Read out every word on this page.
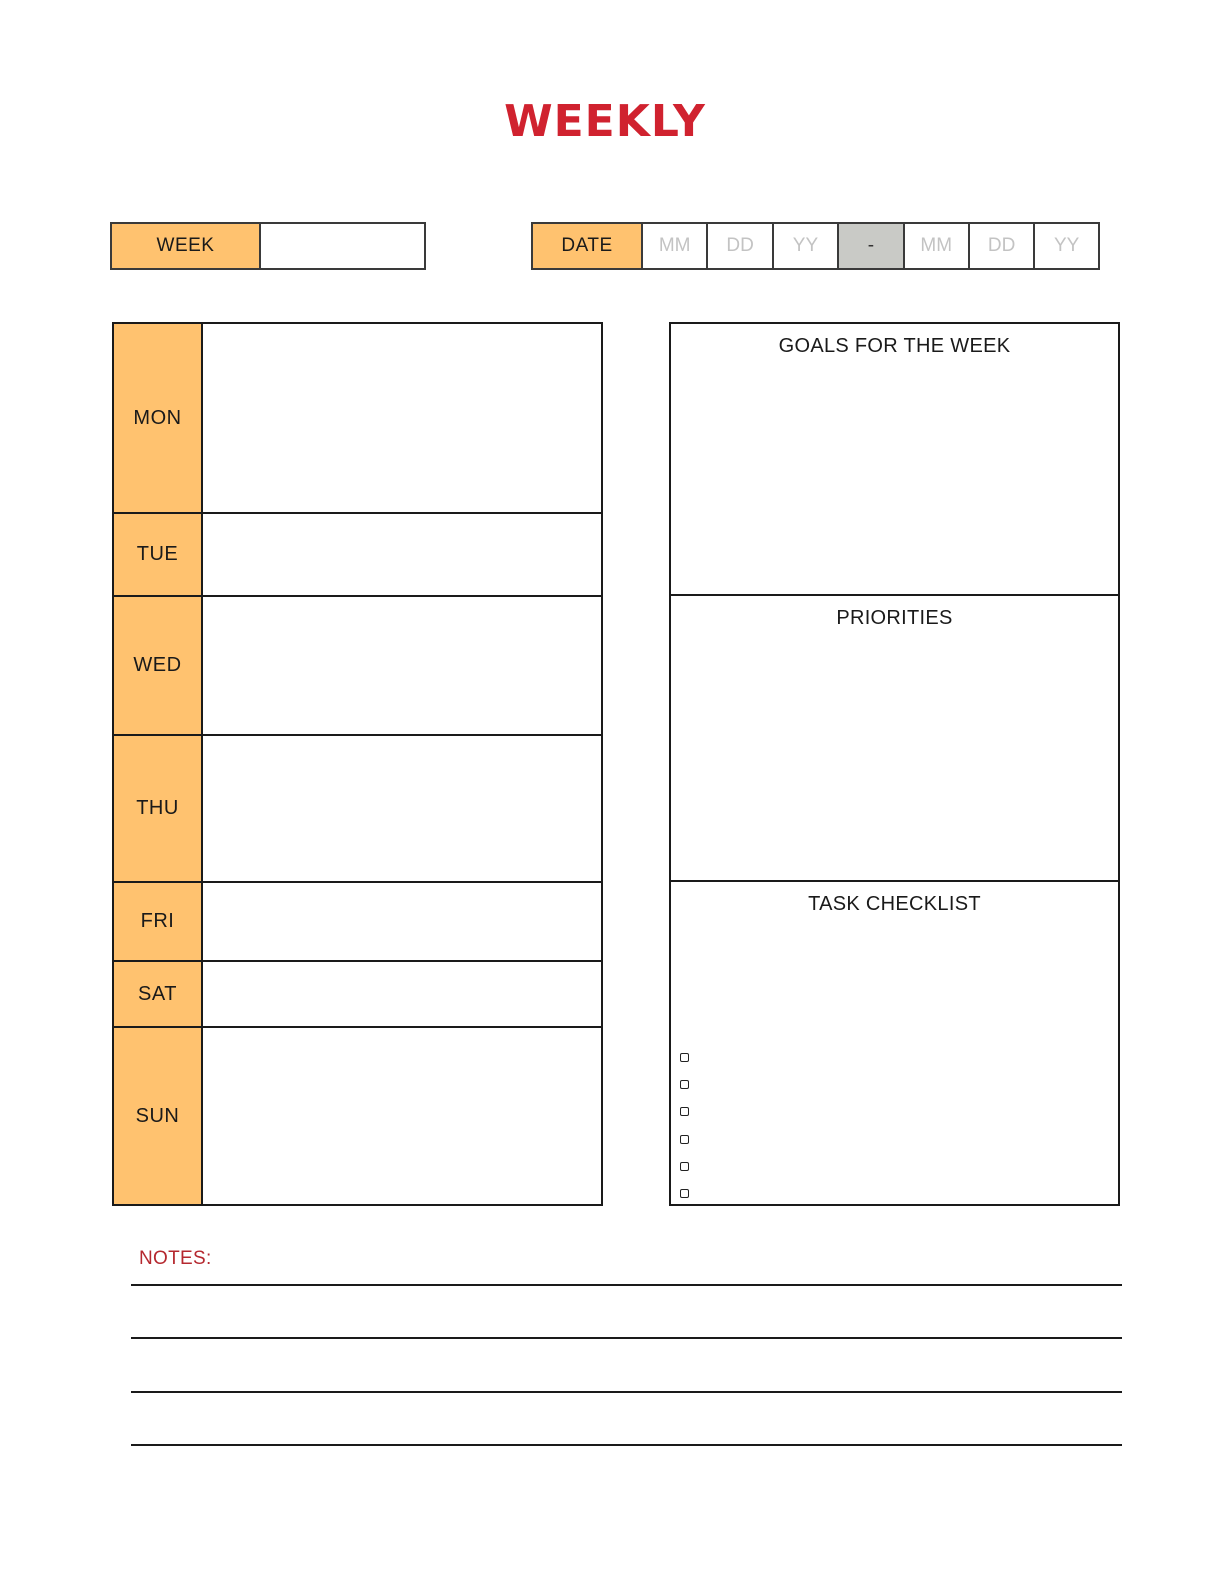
WEEKLY
WEEK	DATE	MM	DD	YY	-	MM	DD	YY
MON
TUE
WED
THU
FRI
SAT
SUN
GOALS FOR THE WEEK
PRIORITIES
TASK CHECKLIST
NOTES:
